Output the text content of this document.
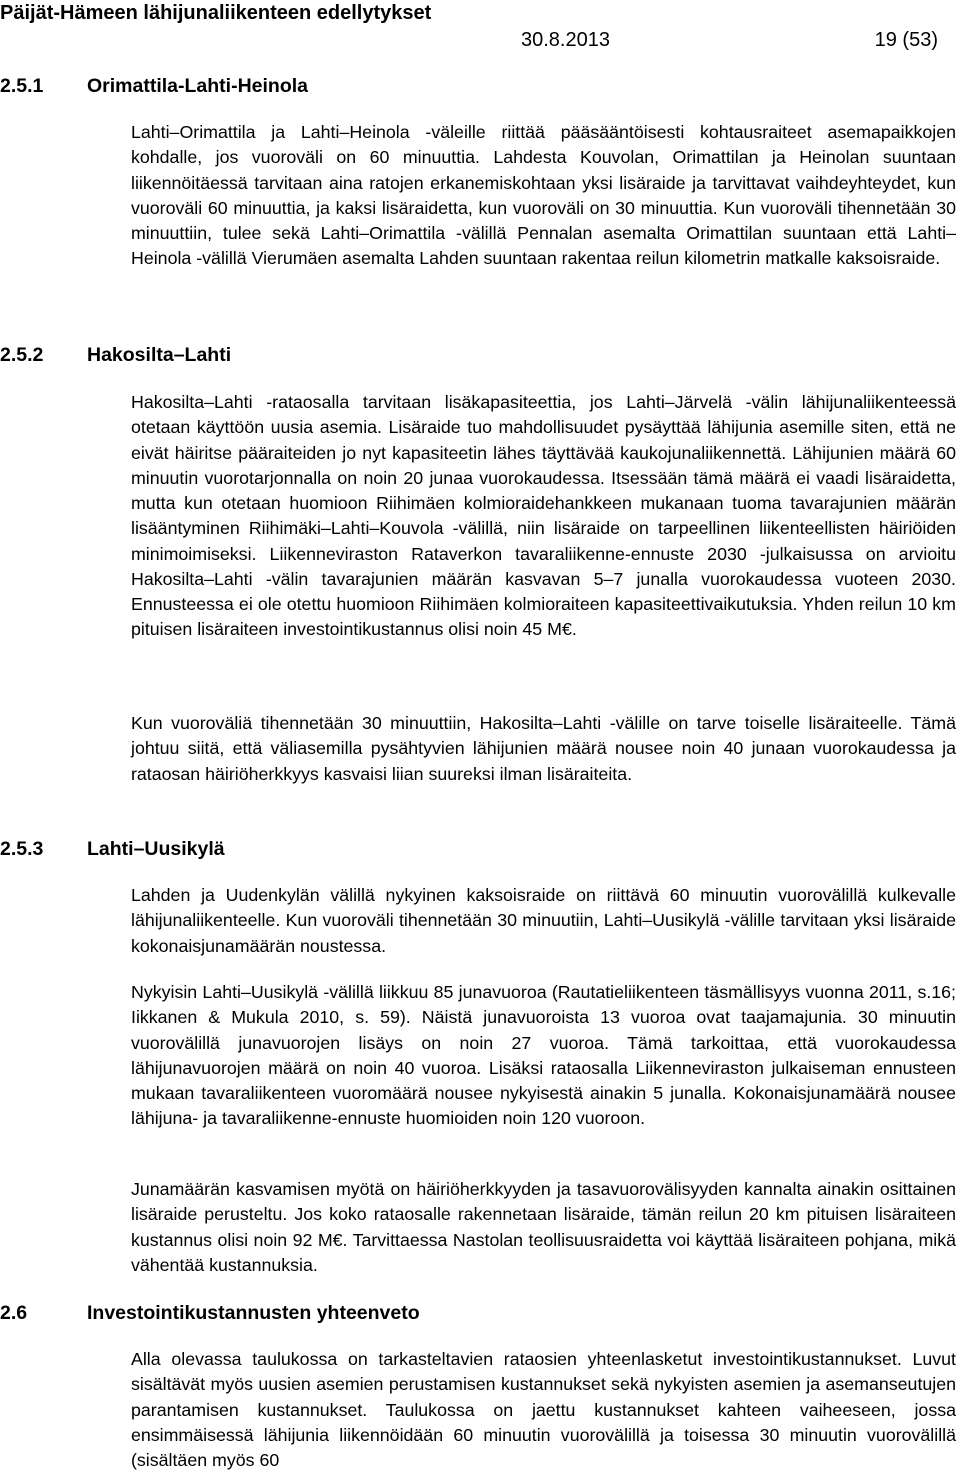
Päijät-Hämeen lähijunaliikenteen edellytykset
30.8.2013	19 (53)
2.5.1 Orimattila-Lahti-Heinola

Lahti–Orimattila ja Lahti–Heinola -väleille riittää pääsääntöisesti kohtausraiteet asemapaikkojen kohdalle, jos vuoroväli on 60 minuuttia. Lahdesta Kouvolan, Orimattilan ja Heinolan suuntaan liikennöitäessä tarvitaan aina ratojen erkanemiskohtaan yksi lisäraide ja tarvittavat vaihdeyhteydet, kun vuoroväli 60 minuuttia, ja kaksi lisäraidetta, kun vuoroväli on 30 minuuttia. Kun vuoroväli tihennetään 30 minuuttiin, tulee sekä Lahti–Orimattila -välillä Pennalan asemalta Orimattilan suuntaan että Lahti–Heinola -välillä Vierumäen asemalta Lahden suuntaan rakentaa reilun kilometrin matkalle kaksoisraide.

2.5.2 Hakosilta–Lahti

Hakosilta–Lahti -rataosalla tarvitaan lisäkapasiteettia, jos Lahti–Järvelä -välin lähijunaliikenteessä otetaan käyttöön uusia asemia. Lisäraide tuo mahdollisuudet pysäyttää lähijunia asemille siten, että ne eivät häiritse pääraiteiden jo nyt kapasiteetin lähes täyttävää kaukojunaliikennettä. Lähijunien määrä 60 minuutin vuorotarjonnalla on noin 20 junaa vuorokaudessa. Itsessään tämä määrä ei vaadi lisäraidetta, mutta kun otetaan huomioon Riihimäen kolmioraidehankkeen mukanaan tuoma tavarajunien määrän lisääntyminen Riihimäki–Lahti–Kouvola -välillä, niin lisäraide on tarpeellinen liikenteellisten häiriöiden minimoimiseksi. Liikenneviraston Rataverkon tavaraliikenne-ennuste 2030 -julkaisussa on arvioitu Hakosilta–Lahti -välin tavarajunien määrän kasvavan 5–7 junalla vuorokaudessa vuoteen 2030. Ennusteessa ei ole otettu huomioon Riihimäen kolmioraiteen kapasiteettivaikutuksia. Yhden reilun 10 km pituisen lisäraiteen investointikustannus olisi noin 45 M€.

Kun vuoroväliä tihennetään 30 minuuttiin, Hakosilta–Lahti -välille on tarve toiselle lisäraiteelle. Tämä johtuu siitä, että väliasemilla pysähtyvien lähijunien määrä nousee noin 40 junaan vuorokaudessa ja rataosan häiriöherkkyys kasvaisi liian suureksi ilman lisäraiteita.

2.5.3 Lahti–Uusikylä

Lahden ja Uudenkylän välillä nykyinen kaksoisraide on riittävä 60 minuutin vuorovälillä kulkevalle lähijunaliikenteelle. Kun vuoroväli tihennetään 30 minuutiin, Lahti–Uusikylä -välille tarvitaan yksi lisäraide kokonaisjunamäärän noustessa.

Nykyisin Lahti–Uusikylä -välillä liikkuu 85 junavuoroa (Rautatieliikenteen täsmällisyys vuonna 2011, s.16; Iikkanen & Mukula 2010, s. 59). Näistä junavuoroista 13 vuoroa ovat taajamajunia. 30 minuutin vuorovälillä junavuorojen lisäys on noin 27 vuoroa. Tämä tarkoittaa, että vuorokaudessa lähijunavuorojen määrä on noin 40 vuoroa. Lisäksi rataosalla Liikenneviraston julkaiseman ennusteen mukaan tavaraliikenteen vuoromäärä nousee nykyisestä ainakin 5 junalla. Kokonaisjunamäärä nousee lähijuna- ja tavaraliikenne-ennuste huomioiden noin 120 vuoroon.

Junamäärän kasvamisen myötä on häiriöherkkyyden ja tasavuorovälisyyden kannalta ainakin osittainen lisäraide perusteltu. Jos koko rataosalle rakennetaan lisäraide, tämän reilun 20 km pituisen lisäraiteen kustannus olisi noin 92 M€. Tarvittaessa Nastolan teollisuusraidetta voi käyttää lisäraiteen pohjana, mikä vähentää kustannuksia.

2.6	Investointikustannusten yhteenveto

Alla olevassa taulukossa on tarkasteltavien rataosien yhteenlasketut investointikustannukset. Luvut sisältävät myös uusien asemien perustamisen kustannukset sekä nykyisten asemien ja asemanseutujen parantamisen kustannukset. Taulukossa on jaettu kustannukset kahteen vaiheeseen, jossa ensimmäisessä lähijunia liikennöidään 60 minuutin vuorovälillä ja toisessa 30 minuutin vuorovälillä (sisältäen myös 60
